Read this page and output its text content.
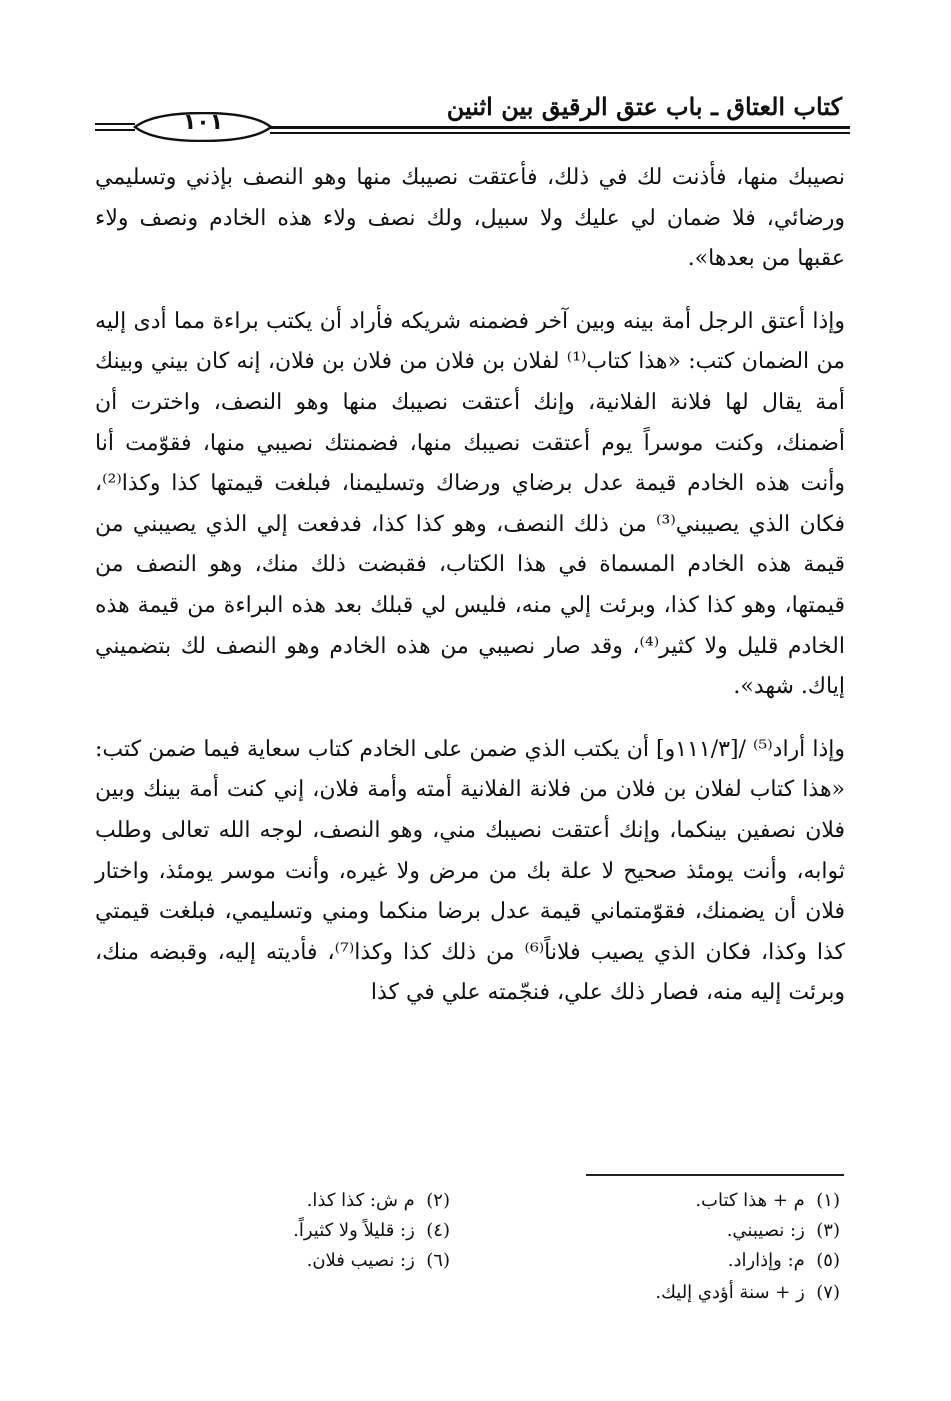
كتاب العتاق ـ باب عتق الرقيق بين اثنين
١٠١

نصيبك منها، فأذنت لك في ذلك، فأعتقت نصيبك منها وهو النصف بإذني وتسليمي ورضائي، فلا ضمان لي عليك ولا سبيل، ولك نصف ولاء هذه الخادم ونصف ولاء عقبها من بعدها».

وإذا أعتق الرجل أمة بينه وبين آخر فضمنه شريكه فأراد أن يكتب براءة مما أدى إليه من الضمان كتب: «هذا كتاب⁽¹⁾ لفلان بن فلان من فلان بن فلان، إنه كان بيني وبينك أمة يقال لها فلانة الفلانية، وإنك أعتقت نصيبك منها وهو النصف، واخترت أن أضمنك، وكنت موسراً يوم أعتقت نصيبك منها، فضمنتك نصيبي منها، فقوّمت أنا وأنت هذه الخادم قيمة عدل برضاي ورضاك وتسليمنا، فبلغت قيمتها كذا وكذا⁽²⁾، فكان الذي يصيبني⁽³⁾ من ذلك النصف، وهو كذا كذا، فدفعت إلي الذي يصيبني من قيمة هذه الخادم المسماة في هذا الكتاب، فقبضت ذلك منك، وهو النصف من قيمتها، وهو كذا كذا، وبرئت إلي منه، فليس لي قبلك بعد هذه البراءة من قيمة هذه الخادم قليل ولا كثير⁽⁴⁾، وقد صار نصيبي من هذه الخادم وهو النصف لك بتضميني إياك. شهد».

وإذا أراد⁽⁵⁾ /[١١١/٣و] أن يكتب الذي ضمن على الخادم كتاب سعاية فيما ضمن كتب: «هذا كتاب لفلان بن فلان من فلانة الفلانية أمته وأمة فلان، إني كنت أمة بينك وبين فلان نصفين بينكما، وإنك أعتقت نصيبك مني، وهو النصف، لوجه الله تعالى وطلب ثوابه، وأنت يومئذ صحيح لا علة بك من مرض ولا غيره، وأنت موسر يومئذ، واختار فلان أن يضمنك، فقوّمتماني قيمة عدل برضا منكما ومني وتسليمي، فبلغت قيمتي كذا وكذا، فكان الذي يصيب فلاناً⁽⁶⁾ من ذلك كذا وكذا⁽⁷⁾، فأديته إليه، وقبضه منك، وبرئت إليه منه، فصار ذلك علي، فنجّمته علي في كذا

(١)  م + هذا كتاب.
(٢)  م ش: كذا كذا.
(٣)  ز: نصيبني.
(٤)  ز: قليلاً ولا كثيراً.
(٥)  م: وإذاراد.
(٦)  ز: نصيب فلان.
(٧)  ز + سنة أؤدي إليك.
